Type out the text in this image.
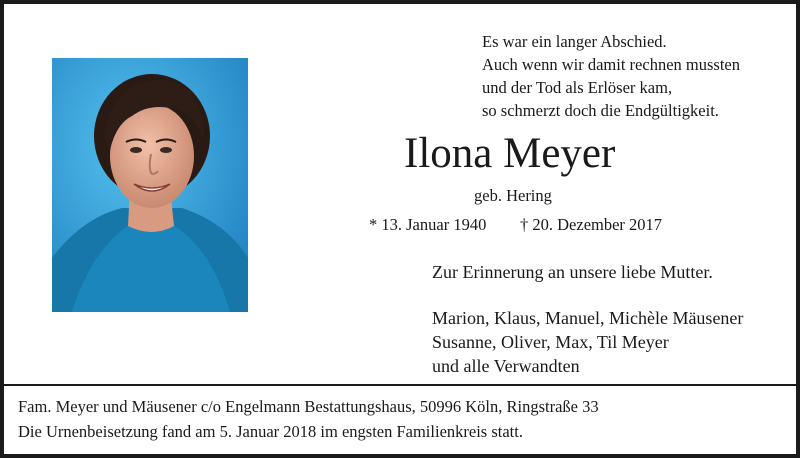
Es war ein langer Abschied.
Auch wenn wir damit rechnen mussten
und der Tod als Erlöser kam,
so schmerzt doch die Endgültigkeit.
Ilona Meyer
geb. Hering
* 13. Januar 1940 † 20. Dezember 2017
Zur Erinnerung an unsere liebe Mutter.
Marion, Klaus, Manuel, Michèle Mäusener
Susanne, Oliver, Max, Til Meyer
und alle Verwandten
Fam. Meyer und Mäusener c/o Engelmann Bestattungshaus, 50996 Köln, Ringstraße 33
Die Urnenbeisetzung fand am 5. Januar 2018 im engsten Familienkreis statt.
